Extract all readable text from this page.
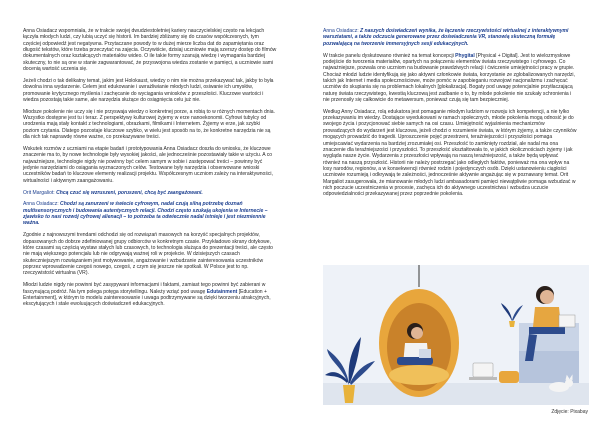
Anna Osiadacz wspomniała, że w trakcie swojej dwudziestoletniej kariery nauczycielskiej często na lekcjach łączyła młodych ludzi, czy lubią uczyć się historii. Im bardziej zbliżamy się do czasów współczesnych, tym częściej odpowiedź jest negatywna. Przytaczane powody to w dużej mierze liczba dat do zapamiętania oraz długość tekstów, które trzeba przeczytać na zajęcia. Oczywiście, dzisiaj uczniowie mają szerszy dostęp do filmów dokumentalnych oraz kształcących materiałów wideo. O ile takie formy szanują wiedzę i wymagania bardziej skuteczny, to nie są one w stanie zagwarantować, że przyswojona wiedza zostanie w pamięci, a uczniowie sami docenią wartość uczenia się.

Jeżeli chodzi o tak delikatny temat, jakim jest Holokaust, wiedzy o nim nie można przekazywać tak, jakby to była dowolna inna wydarzenie. Celem jest edukowanie i uwrażliwianie młodych ludzi, osiwanie ich umysłów, promowanie krytycznego myślenia i zachęcanie do wyciągania wniosków z przeszłości. Kluczowe wartości i wiedza pozostają takie same, ale narzędzia służące do osiągnięcia celu już nie.

Młodsze pokolenie nie uczy się i nie przyswaja wiedzy o konkretnej porze, a robią to w różnych momentach dnia. Wszystko dostępne jest tu i teraz. Z perspektywy kulturowej żyjemy w erze nanoekonomii. Cyfrowi tubylcy od urodzenia mają stały kontakt z technologiami, obrazkami, filmikami i Internetem. Żyjemy w erze, jak szybki poziom czytania. Dlatego pozostaje kluczowe szybko, w wielu jest sposób na to, że konkretne narzędzia nie są dla nich tak naprawdę równe ważne, co przekazywane treści.

Wskutek rozmów z uczniami na etapie badań i prototypowania Anna Osiadacz doszła do wniosku, że kluczowe znaczenie ma to, by nowe technologie były wysokiej jakości, ale jednocześnie pozostawiały takie w użyciu. A co najważniejsze, technologie nigdy nie powinny być celem samym w sobie i zastępować treści – powinny być jedynie narzędziami do osiągania wyznaczonych celów. Testowane były narzędzia i obserwowane wnioski uczestników badań to kluczowe elementy realizacji projektu. Współczesnym uczniom zależy na interaktywności, wirtualności i aktywnym zaangażowaniu.

Orit Margaliot: Chcą czuć się wzruszeni, poruszeni, chcą być zaangażowani.

Anna Osiadacz: Chodzi są zanurzeni w świecie cyfrowym, nadal czują silną potrzebę doznań multisensorycznych i budowania autentycznych relacji. Chodzi często szukają ukojenia w Internecie – zjawisko to nasi rozwój cyfrowej alienacji – to potrzeba ta odwiecznie nadal istnieje i jest niezmiennie ważna.

Zgodnie z najnowszymi trendami odchodzi się od rozwiązań masowych na korzyść specjalnych projektów, dopasowanych do dobrze zdefiniowanej grupy odbiorców w konkretnym czasie. Przykładowo skrany dotykowe, które czasami są częścią wystaw stałych lub czasowych, to technologia służąca do prezentacji treści, ale często nie mają większego potencjału lub nie odgrywają ważnej roli w projekcie. W dzisiejszych czasach skuteczniejszym rozwiązaniem jest motywowanie, angażowanie i wzbudzanie zainteresowania uczestników poprzez wprowadzenie czegoś nowego, czegoś, z czym się jeszcze nie spotkali. W Polsce jest to np. rzeczywistość wirtualna (VR).

Młodzi ludzie nigdy nie powinni być zasypywani informacjami i faktami, zamiast tego powinni być zabierani w fascynującą podróż. Na tym polega potęga storytellingu. Należy wziąć pod uwagę Edutainment [Education + Entertainment], w którym to modelu zainteresowanie i uwaga podtrzymywane są dzięki tworzeniu atrakcyjnych, ekscytujących i stale ewoluujących doświadczeń edukacyjnych.

Anna Osiadacz: Z naszych doświadczeń wynika, że łączenie rzeczywistości wirtualnej z interaktywnymi warsztatami, a także odczucia generowane przez doświadczenia VR, stanowią skuteczną formułę pozwalającą na tworzenie immersyjnych sesji edukacyjnych.

W trakcie panelu dyskutowano również na temat koncepcji Phygital [Physical + Digital]. Jest to wielozmysłowe podejście do tworzenia materiałów, opartych na połączeniu elementów świata rzeczywistego i cyfrowego. Co najważniejsze, pozwala ono uczniom na budowanie prawdziwych relacji i ćwiczenie umiejętności pracy w grupie. Chociaż młodzi ludzie identyfikują się jako aktywni członkowie świata, korzystanie ze zglobalizowanych narzędzi, takich jak Internet i media społecznościowe, może pomóc w zapobieganiu rozwojowi nacjonalizmu i zachęcać uczniów do skupiania się na problemach lokalnych [glokalizacja]. Bogaty pod uwagę potencjalnie przytłaczającą naturę świata rzeczywistego, kwestią kluczową jest zadbanie o to, by młode pokolenie nie szukały schronienia i nie przenosiły się całkowicie do metawersum, ponieważ czują się tam bezpieczniej.

Według Anny Osiadacz, rolą edukatora jest pomaganie młodym ludziom w rozwoju ich kompetencji, a nie tylko przekazywaniu im wiedzy. Dostające wyedukowani w ramach społecznych, młode pokolenia mogą odnosić je do swojego życia i pozycjonować siebie samych na osi czasu. Umiejętność wyjaśnienia mechanizmów prowadzących do wydarzeń jest kluczowa, jeżeli chodzi o rozumienie świata, w którym żyjemy, a także czynników mogących prowadzić do tragedii. Uproszczenie pojęć przestrzeni, teraźniejszości i przyszłości pomaga umiejscawiać wydarzenia na bardziej zrozumiałej osi. Przeszłość to zamknięty rozdział, ale nadal ma ona znaczenie dla teraźniejszości i przyszłości. To przeszłość ukształtowała to, w jakich okolicznościach żyjemy i jak wygląda nasze życie. Wydarzenia z przeszłości wpływają na naszą teraźniejszość, a także będą wpływać również na naszą przyszłość. Historii nie należy postrzegać jako odległych faktów, ponieważ ma ona wpływ na losy narodów, regionów, a w konsekwencji również rodzin i pojedynczych osób. Dzięki ustanowieniu ciągłości uczniowie rozumieją i odkrywają te zależności, jednocześnie aktywnie angażując się w poznawany temat. Orit Margaliot zasugerowała, że mianowanie młodych ludzi ambasadorami pamięci niewątpliwie pomaga wzbudzać w nich poczucie uczestniczenia w procesie, zachęca ich do aktywnego uczestnictwa i wzbudza uczucie odpowiedzialności przekazywanej przez poprzednie pokolenia.

Zdjęcie: Pixabay
